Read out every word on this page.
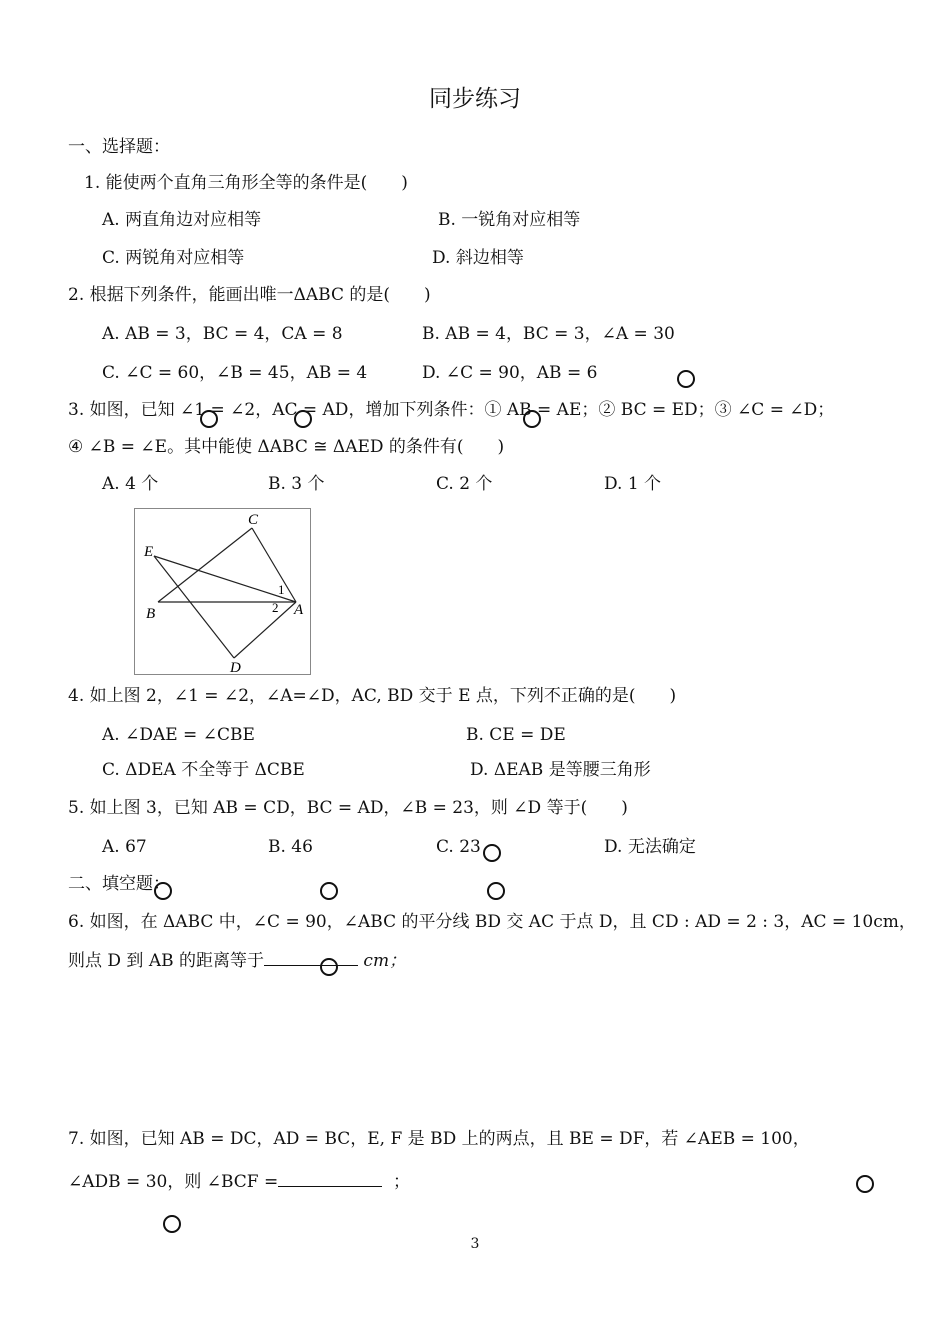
同步练习
一、选择题：
1. 能使两个直角三角形全等的条件是(　　)
A. 两直角边对应相等	B. 一锐角对应相等
C. 两锐角对应相等	D. 斜边相等
2. 根据下列条件，能画出唯一ΔABC 的是(　　)
A. AB = 3，BC = 4，CA = 8	B. AB = 4，BC = 3，∠A = 30
C. ∠C = 60，∠B = 45，AB = 4	D. ∠C = 90，AB = 6
3. 如图，已知 ∠1 = ∠2，AC = AD，增加下列条件：① AB = AE；② BC = ED；③ ∠C = ∠D；
④ ∠B = ∠E。其中能使 ΔABC ≅ ΔAED 的条件有(　　)
A. 4 个	B. 3 个	C. 2 个	D. 1 个
C
E
B	A
D
1
2
4. 如上图 2，∠1 = ∠2，∠A=∠D，AC, BD 交于 E 点，下列不正确的是(　　)
A. ∠DAE = ∠CBE	B. CE = DE
C. ΔDEA 不全等于 ΔCBE	D. ΔEAB 是等腰三角形
5. 如上图 3，已知 AB = CD，BC = AD，∠B = 23，则 ∠D 等于(　　)
A. 67	B. 46	C. 23	D. 无法确定
二、填空题：
6. 如图，在 ΔABC 中，∠C = 90，∠ABC 的平分线 BD 交 AC 于点 D，且 CD : AD = 2 : 3，AC = 10cm，
则点 D 到 AB 的距离等于	cm；
7. 如图，已知 AB = DC，AD = BC，E, F 是 BD 上的两点，且 BE = DF，若 ∠AEB = 100，
∠ADB = 30，则 ∠BCF =	；
3
